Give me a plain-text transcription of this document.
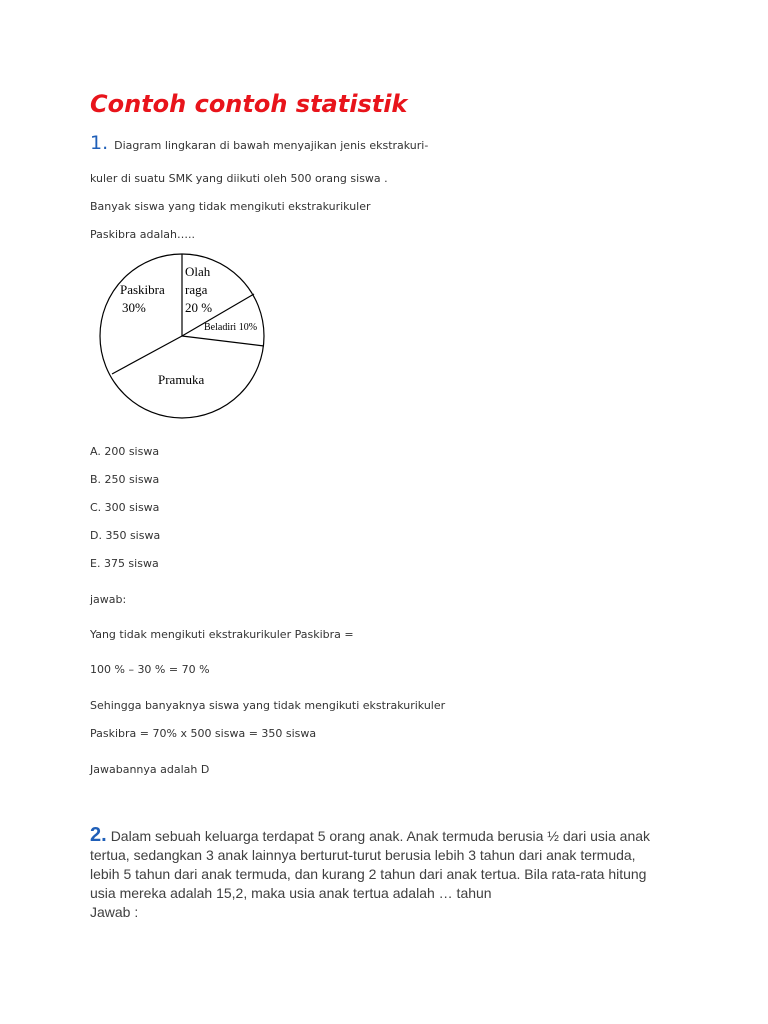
Contoh contoh statistik
1. Diagram lingkaran di bawah menyajikan jenis ekstrakuri-
kuler di suatu SMK yang diikuti oleh 500 orang siswa .
Banyak siswa yang tidak mengikuti ekstrakurikuler
Paskibra adalah…..
Paskibra
30%
Olah
raga
20 %
Beladiri 10%
Pramuka
A. 200 siswa
B. 250 siswa
C. 300 siswa
D. 350 siswa
E. 375 siswa
jawab:
Yang tidak mengikuti ekstrakurikuler Paskibra =
100 % – 30 % = 70 %
Sehingga banyaknya siswa yang tidak mengikuti ekstrakurikuler
Paskibra = 70% x 500 siswa = 350 siswa
Jawabannya adalah D
2. Dalam sebuah keluarga terdapat 5 orang anak. Anak termuda berusia ½ dari usia anak
tertua, sedangkan 3 anak lainnya berturut-turut berusia lebih 3 tahun dari anak termuda,
lebih 5 tahun dari anak termuda, dan kurang 2 tahun dari anak tertua. Bila rata-rata hitung
usia mereka adalah 15,2, maka usia anak tertua adalah … tahun
Jawab :
